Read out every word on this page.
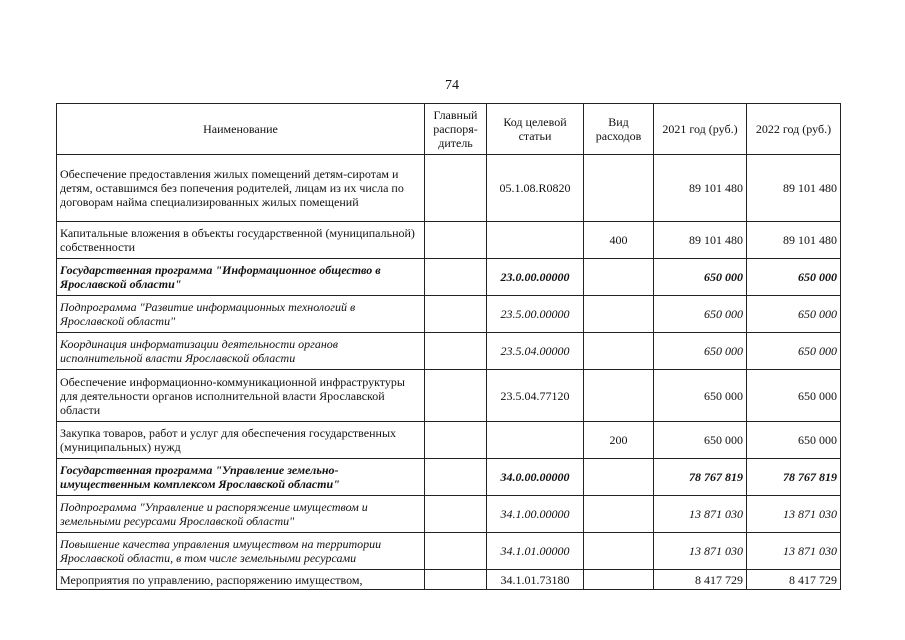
74
Наименование	Главный распоря-дитель	Код целевой статьи	Вид расходов	2021 год (руб.)	2022 год (руб.)
Обеспечение предоставления жилых помещений детям-сиротам и детям, оставшимся без попечения родителей, лицам из их числа по договорам найма специализированных жилых помещений		05.1.08.R0820		89 101 480	89 101 480
Капитальные вложения в объекты государственной (муниципальной) собственности			400	89 101 480	89 101 480
Государственная программа "Информационное общество в Ярославской области"		23.0.00.00000		650 000	650 000
Подпрограмма "Развитие информационных технологий в Ярославской области"		23.5.00.00000		650 000	650 000
Координация информатизации деятельности органов исполнительной власти Ярославской области		23.5.04.00000		650 000	650 000
Обеспечение информационно-коммуникационной инфраструктуры для деятельности органов исполнительной власти Ярославской области		23.5.04.77120		650 000	650 000
Закупка товаров, работ и услуг для обеспечения государственных (муниципальных) нужд			200	650 000	650 000
Государственная программа "Управление земельно-имущественным комплексом Ярославской области"		34.0.00.00000		78 767 819	78 767 819
Подпрограмма "Управление и распоряжение имуществом и земельными ресурсами Ярославской области"		34.1.00.00000		13 871 030	13 871 030
Повышение качества управления имуществом на территории Ярославской области, в том числе земельными ресурсами		34.1.01.00000		13 871 030	13 871 030
Мероприятия по управлению, распоряжению имуществом,		34.1.01.73180		8 417 729	8 417 729
